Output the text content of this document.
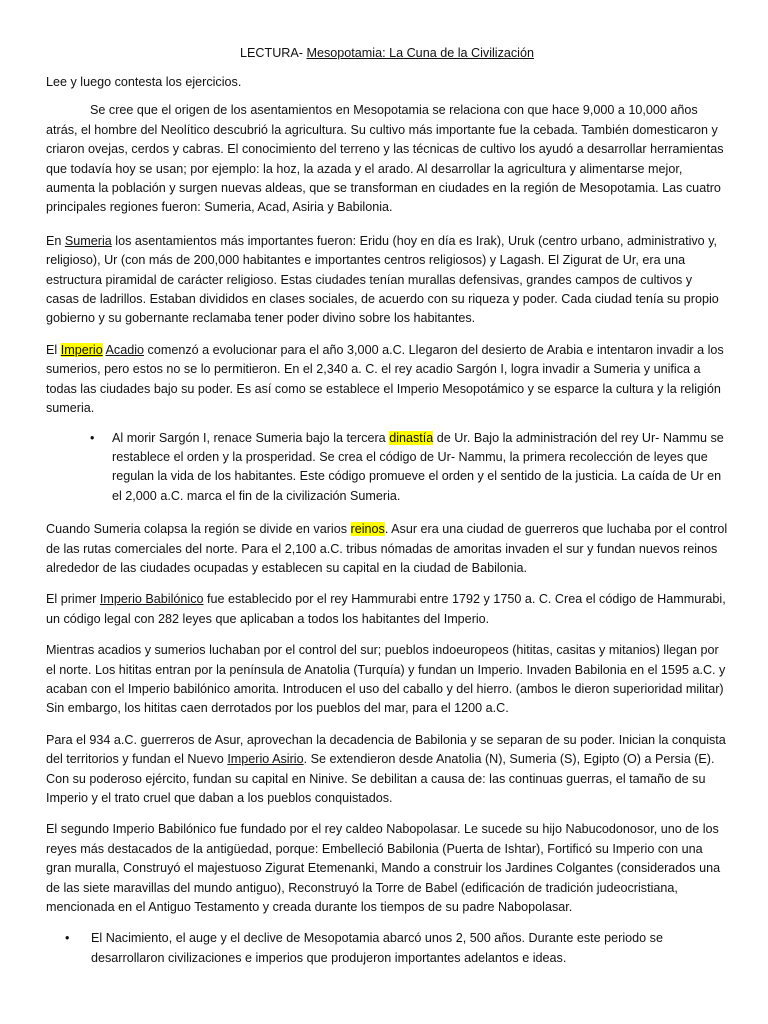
LECTURA- Mesopotamia: La Cuna de la Civilización

Lee y luego contesta los ejercicios.

Se cree que el origen de los asentamientos en Mesopotamia se relaciona con que hace 9,000 a 10,000 años atrás, el hombre del Neolítico descubrió la agricultura. Su cultivo más importante fue la cebada. También domesticaron y criaron ovejas, cerdos y cabras. El conocimiento del terreno y las técnicas de cultivo los ayudó a desarrollar herramientas que todavía hoy se usan; por ejemplo: la hoz, la azada y el arado. Al desarrollar la agricultura y alimentarse mejor, aumenta la población y surgen nuevas aldeas, que se transforman en ciudades en la región de Mesopotamia. Las cuatro principales regiones fueron: Sumeria, Acad, Asiria y Babilonia.

En Sumeria los asentamientos más importantes fueron: Eridu (hoy en día es Irak), Uruk (centro urbano, administrativo y, religioso), Ur (con más de 200,000 habitantes e importantes centros religiosos) y Lagash. El Zigurat de Ur, era una estructura piramidal de carácter religioso. Estas ciudades tenían murallas defensivas, grandes campos de cultivos y casas de ladrillos. Estaban divididos en clases sociales, de acuerdo con su riqueza y poder. Cada ciudad tenía su propio gobierno y su gobernante reclamaba tener poder divino sobre los habitantes.

El Imperio Acadio comenzó a evolucionar para el año 3,000 a.C. Llegaron del desierto de Arabia e intentaron invadir a los sumerios, pero estos no se lo permitieron. En el 2,340 a. C. el rey acadio Sargón I, logra invadir a Sumeria y unifica a todas las ciudades bajo su poder. Es así como se establece el Imperio Mesopotámico y se esparce la cultura y la religión sumeria.

• Al morir Sargón I, renace Sumeria bajo la tercera dinastía de Ur. Bajo la administración del rey Ur- Nammu se restablece el orden y la prosperidad. Se crea el código de Ur- Nammu, la primera recolección de leyes que regulan la vida de los habitantes. Este código promueve el orden y el sentido de la justicia. La caída de Ur en el 2,000 a.C. marca el fin de la civilización Sumeria.

Cuando Sumeria colapsa la región se divide en varios reinos. Asur era una ciudad de guerreros que luchaba por el control de las rutas comerciales del norte. Para el 2,100 a.C. tribus nómadas de amoritas invaden el sur y fundan nuevos reinos alrededor de las ciudades ocupadas y establecen su capital en la ciudad de Babilonia.

El primer Imperio Babilónico fue establecido por el rey Hammurabi entre 1792 y 1750 a. C. Crea el código de Hammurabi, un código legal con 282 leyes que aplicaban a todos los habitantes del Imperio.

Mientras acadios y sumerios luchaban por el control del sur; pueblos indoeuropeos (hititas, casitas y mitanios) llegan por el norte. Los hititas entran por la península de Anatolia (Turquía) y fundan un Imperio. Invaden Babilonia en el 1595 a.C. y acaban con el Imperio babilónico amorita. Introducen el uso del caballo y del hierro. (ambos le dieron superioridad militar) Sin embargo, los hititas caen derrotados por los pueblos del mar, para el 1200 a.C.

Para el 934 a.C. guerreros de Asur, aprovechan la decadencia de Babilonia y se separan de su poder. Inician la conquista del territorios y fundan el Nuevo Imperio Asirio. Se extendieron desde Anatolia (N), Sumeria (S), Egipto (O) a Persia (E). Con su poderoso ejército, fundan su capital en Ninive. Se debilitan a causa de: las continuas guerras, el tamaño de su Imperio y el trato cruel que daban a los pueblos conquistados.

El segundo Imperio Babilónico fue fundado por el rey caldeo Nabopolasar. Le sucede su hijo Nabucodonosor, uno de los reyes más destacados de la antigüedad, porque: Embelleció Babilonia (Puerta de Ishtar), Fortificó su Imperio con una gran muralla, Construyó el majestuoso Zigurat Etemenanki, Mando a construir los Jardines Colgantes (considerados una de las siete maravillas del mundo antiguo), Reconstruyó la Torre de Babel (edificación de tradición judeocristiana, mencionada en el Antiguo Testamento y creada durante los tiempos de su padre Nabopolasar.

• El Nacimiento, el auge y el declive de Mesopotamia abarcó unos 2, 500 años. Durante este periodo se desarrollaron civilizaciones e imperios que produjeron importantes adelantos e ideas.
